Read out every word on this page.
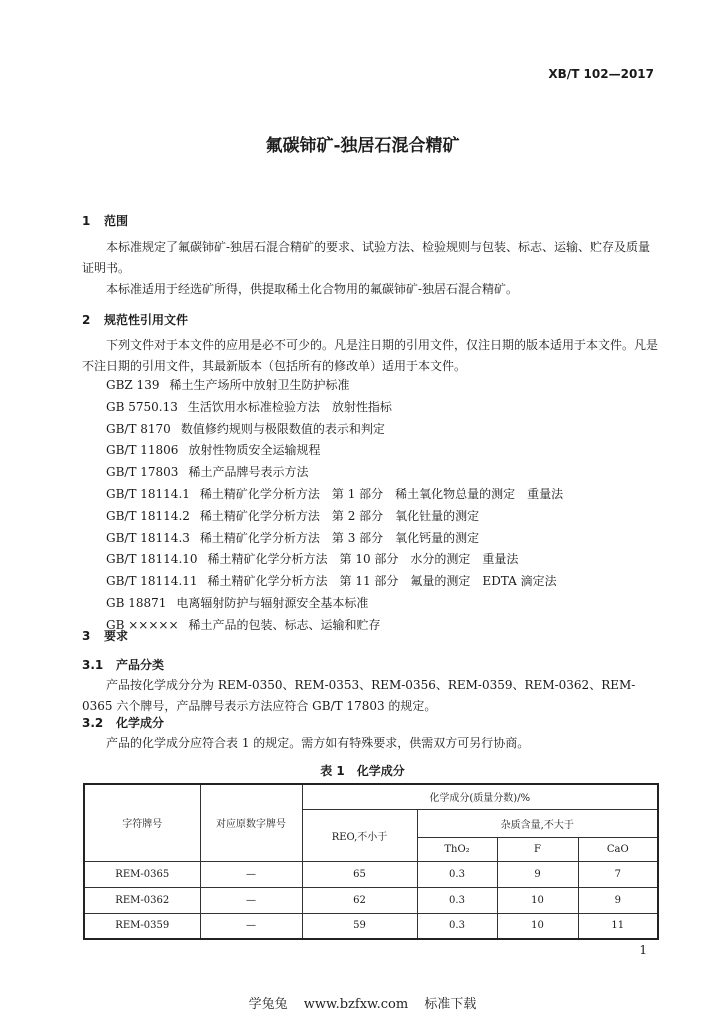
XB/T 102—2017
氟碳铈矿-独居石混合精矿
1 范围

本标准规定了氟碳铈矿-独居石混合精矿的要求、试验方法、检验规则与包装、标志、运输、贮存及质量证明书。

本标准适用于经选矿所得，供提取稀土化合物用的氟碳铈矿-独居石混合精矿。

2 规范性引用文件

下列文件对于本文件的应用是必不可少的。凡是注日期的引用文件，仅注日期的版本适用于本文件。凡是不注日期的引用文件，其最新版本（包括所有的修改单）适用于本文件。

GBZ 139 稀土生产场所中放射卫生防护标准
GB 5750.13 生活饮用水标准检验方法　放射性指标
GB/T 8170 数值修约规则与极限数值的表示和判定
GB/T 11806 放射性物质安全运输规程
GB/T 17803 稀土产品牌号表示方法
GB/T 18114.1 稀土精矿化学分析方法　第 1 部分　稀土氧化物总量的测定　重量法
GB/T 18114.2 稀土精矿化学分析方法　第 2 部分　氧化钍量的测定
GB/T 18114.3 稀土精矿化学分析方法　第 3 部分　氧化钙量的测定
GB/T 18114.10 稀土精矿化学分析方法　第 10 部分　水分的测定　重量法
GB/T 18114.11 稀土精矿化学分析方法　第 11 部分　氟量的测定　EDTA 滴定法
GB 18871 电离辐射防护与辐射源安全基本标准
GB ××××× 稀土产品的包装、标志、运输和贮存
3 要求
3.1 产品分类

产品按化学成分分为 REM-0350、REM-0353、REM-0356、REM-0359、REM-0362、REM-0365 六个牌号，产品牌号表示方法应符合 GB/T 17803 的规定。

3.2 化学成分

产品的化学成分应符合表 1 的规定。需方如有特殊要求，供需双方可另行协商。

表 1　化学成分
字符牌号	对应原数字牌号	化学成分(质量分数)/%			
		REO,不小于	杂质含量,不大于		
			ThO₂	F	CaO
REM-0365	—	65	0.3	9	7
REM-0362	—	62	0.3	10	9
REM-0359	—	59	0.3	10	11
1
学兔兔 www.bzfxw.com 标准下载
